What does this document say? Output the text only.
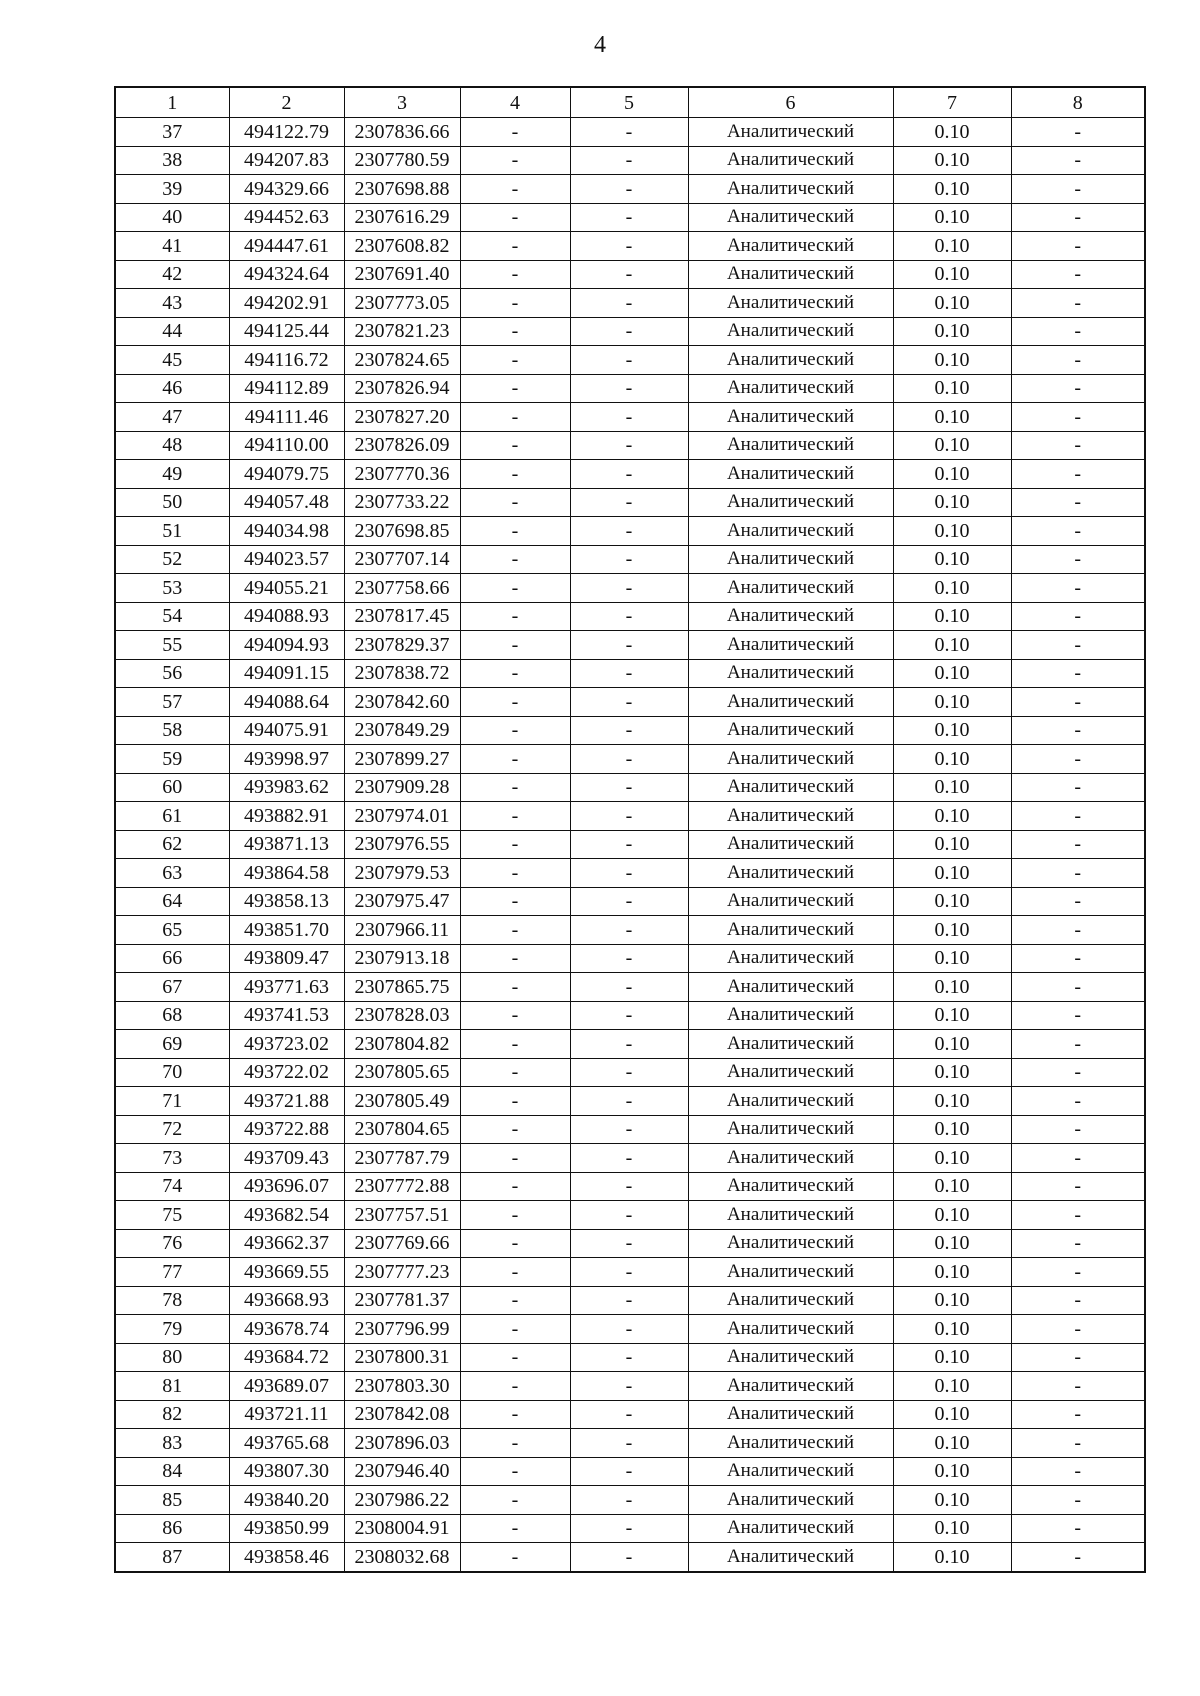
4
1	2	3	4	5	6	7	8
37	494122.79	2307836.66	-	-	Аналитический	0.10	-
38	494207.83	2307780.59	-	-	Аналитический	0.10	-
39	494329.66	2307698.88	-	-	Аналитический	0.10	-
40	494452.63	2307616.29	-	-	Аналитический	0.10	-
41	494447.61	2307608.82	-	-	Аналитический	0.10	-
42	494324.64	2307691.40	-	-	Аналитический	0.10	-
43	494202.91	2307773.05	-	-	Аналитический	0.10	-
44	494125.44	2307821.23	-	-	Аналитический	0.10	-
45	494116.72	2307824.65	-	-	Аналитический	0.10	-
46	494112.89	2307826.94	-	-	Аналитический	0.10	-
47	494111.46	2307827.20	-	-	Аналитический	0.10	-
48	494110.00	2307826.09	-	-	Аналитический	0.10	-
49	494079.75	2307770.36	-	-	Аналитический	0.10	-
50	494057.48	2307733.22	-	-	Аналитический	0.10	-
51	494034.98	2307698.85	-	-	Аналитический	0.10	-
52	494023.57	2307707.14	-	-	Аналитический	0.10	-
53	494055.21	2307758.66	-	-	Аналитический	0.10	-
54	494088.93	2307817.45	-	-	Аналитический	0.10	-
55	494094.93	2307829.37	-	-	Аналитический	0.10	-
56	494091.15	2307838.72	-	-	Аналитический	0.10	-
57	494088.64	2307842.60	-	-	Аналитический	0.10	-
58	494075.91	2307849.29	-	-	Аналитический	0.10	-
59	493998.97	2307899.27	-	-	Аналитический	0.10	-
60	493983.62	2307909.28	-	-	Аналитический	0.10	-
61	493882.91	2307974.01	-	-	Аналитический	0.10	-
62	493871.13	2307976.55	-	-	Аналитический	0.10	-
63	493864.58	2307979.53	-	-	Аналитический	0.10	-
64	493858.13	2307975.47	-	-	Аналитический	0.10	-
65	493851.70	2307966.11	-	-	Аналитический	0.10	-
66	493809.47	2307913.18	-	-	Аналитический	0.10	-
67	493771.63	2307865.75	-	-	Аналитический	0.10	-
68	493741.53	2307828.03	-	-	Аналитический	0.10	-
69	493723.02	2307804.82	-	-	Аналитический	0.10	-
70	493722.02	2307805.65	-	-	Аналитический	0.10	-
71	493721.88	2307805.49	-	-	Аналитический	0.10	-
72	493722.88	2307804.65	-	-	Аналитический	0.10	-
73	493709.43	2307787.79	-	-	Аналитический	0.10	-
74	493696.07	2307772.88	-	-	Аналитический	0.10	-
75	493682.54	2307757.51	-	-	Аналитический	0.10	-
76	493662.37	2307769.66	-	-	Аналитический	0.10	-
77	493669.55	2307777.23	-	-	Аналитический	0.10	-
78	493668.93	2307781.37	-	-	Аналитический	0.10	-
79	493678.74	2307796.99	-	-	Аналитический	0.10	-
80	493684.72	2307800.31	-	-	Аналитический	0.10	-
81	493689.07	2307803.30	-	-	Аналитический	0.10	-
82	493721.11	2307842.08	-	-	Аналитический	0.10	-
83	493765.68	2307896.03	-	-	Аналитический	0.10	-
84	493807.30	2307946.40	-	-	Аналитический	0.10	-
85	493840.20	2307986.22	-	-	Аналитический	0.10	-
86	493850.99	2308004.91	-	-	Аналитический	0.10	-
87	493858.46	2308032.68	-	-	Аналитический	0.10	-
